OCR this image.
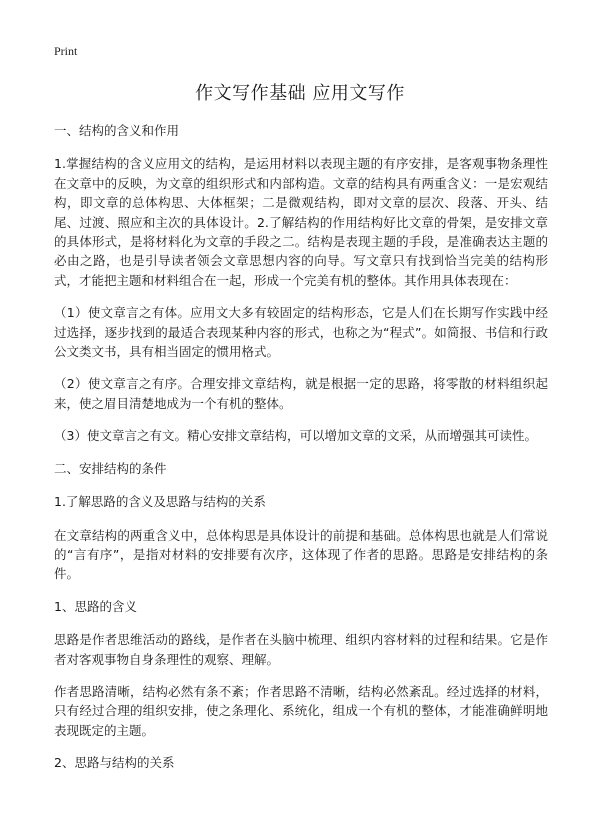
Print
作文写作基础 应用文写作

一、结构的含义和作用

1.掌握结构的含义应用文的结构，是运用材料以表现主题的有序安排，是客观事物条理性在文章中的反映，为文章的组织形式和内部构造。文章的结构具有两重含义：一是宏观结构，即文章的总体构思、大体框架；二是微观结构，即对文章的层次、段落、开头、结尾、过渡、照应和主次的具体设计。2.了解结构的作用结构好比文章的骨架，是安排文章的具体形式，是将材料化为文章的手段之二。结构是表现主题的手段，是准确表达主题的必由之路，也是引导读者领会文章思想内容的向导。写文章只有找到恰当完美的结构形式，才能把主题和材料组合在一起，形成一个完美有机的整体。其作用具体表现在：

（1）使文章言之有体。应用文大多有较固定的结构形态，它是人们在长期写作实践中经过选择，逐步找到的最适合表现某种内容的形式，也称之为“程式”。如简报、书信和行政公文类文书，具有相当固定的惯用格式。

（2）使文章言之有序。合理安排文章结构，就是根据一定的思路，将零散的材料组织起来，使之眉目清楚地成为一个有机的整体。

（3）使文章言之有文。精心安排文章结构，可以增加文章的文采，从而增强其可读性。

二、安排结构的条件

1.了解思路的含义及思路与结构的关系

在文章结构的两重含义中，总体构思是具体设计的前提和基础。总体构思也就是人们常说的“言有序”，是指对材料的安排要有次序，这体现了作者的思路。思路是安排结构的条件。

1、思路的含义

思路是作者思维活动的路线，是作者在头脑中梳理、组织内容材料的过程和结果。它是作者对客观事物自身条理性的观察、理解。

作者思路清晰，结构必然有条不紊；作者思路不清晰，结构必然紊乱。经过选择的材料，只有经过合理的组织安排，使之条理化、系统化，组成一个有机的整体，才能准确鲜明地表现既定的主题。

2、思路与结构的关系
